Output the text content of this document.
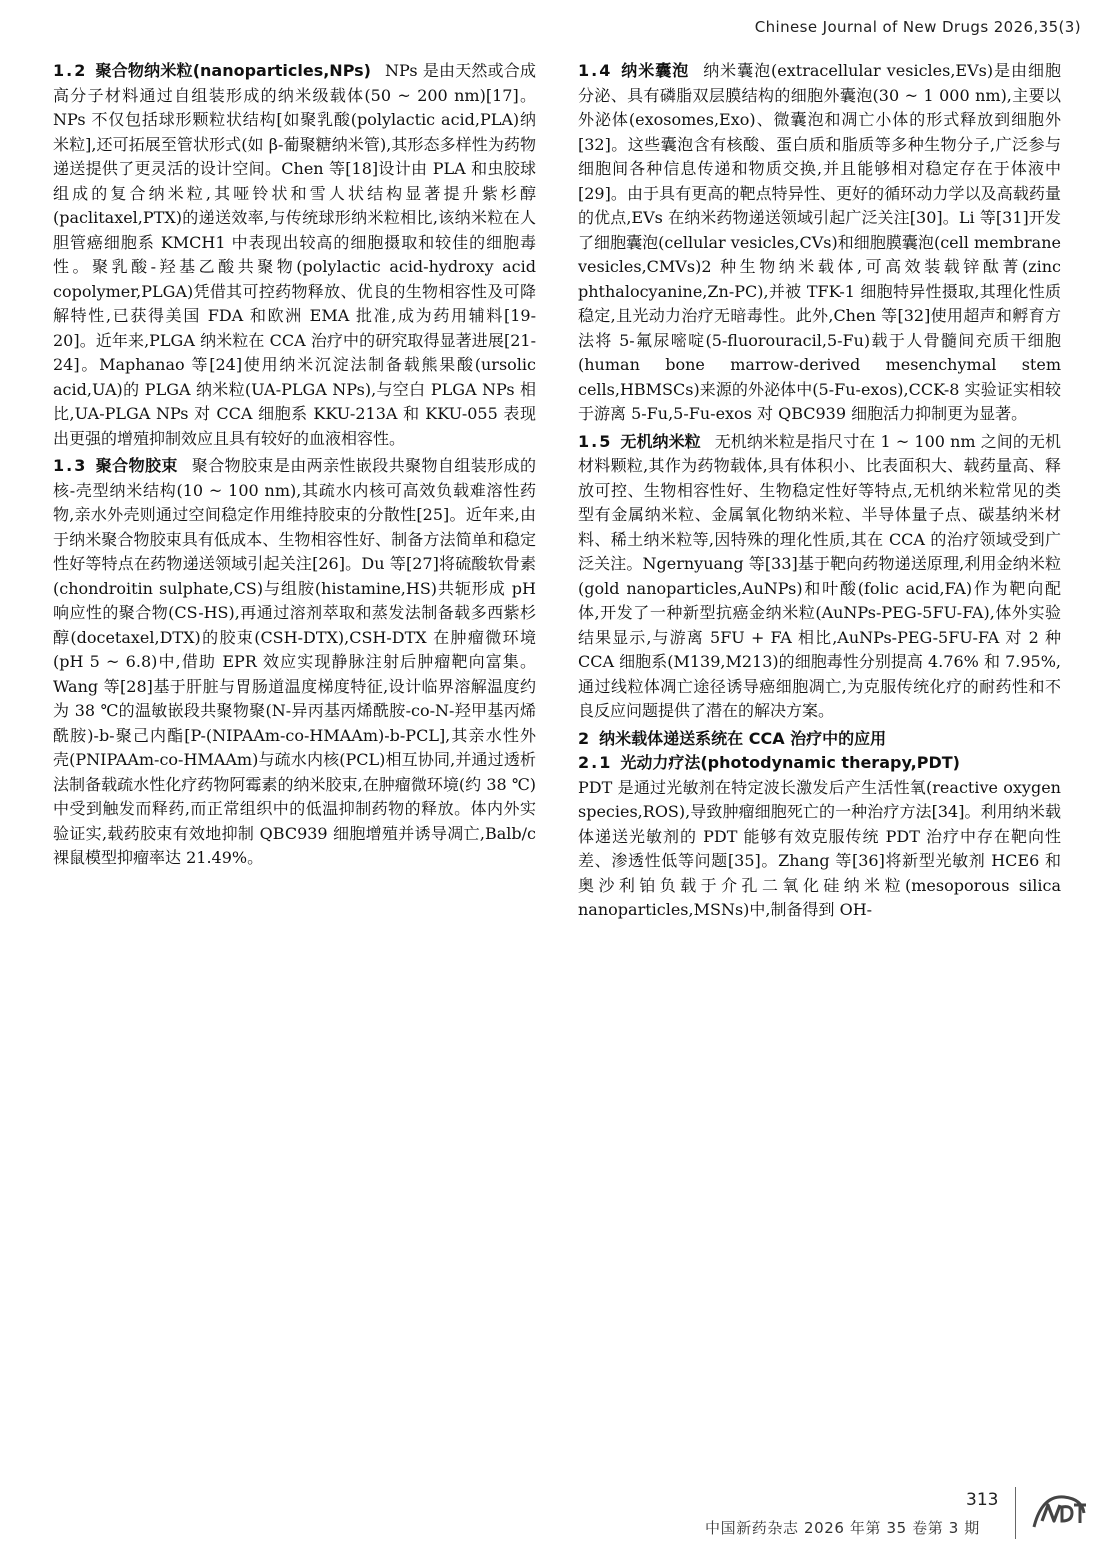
Chinese Journal of New Drugs 2026,35(3)

1.2 聚合物纳米粒(nanoparticles,NPs) NPs 是由天然或合成高分子材料通过自组装形成的纳米级载体(50 ~ 200 nm)[17]。NPs 不仅包括球形颗粒状结构[如聚乳酸(polylactic acid,PLA)纳米粒],还可拓展至管状形式(如 β-葡聚糖纳米管),其形态多样性为药物递送提供了更灵活的设计空间。Chen 等[18]设计由 PLA 和虫胶球组成的复合纳米粒,其哑铃状和雪人状结构显著提升紫杉醇(paclitaxel,PTX)的递送效率,与传统球形纳米粒相比,该纳米粒在人胆管癌细胞系 KMCH1 中表现出较高的细胞摄取和较佳的细胞毒性。聚乳酸-羟基乙酸共聚物(polylactic acid-hydroxy acid copolymer,PLGA)凭借其可控药物释放、优良的生物相容性及可降解特性,已获得美国 FDA 和欧洲 EMA 批准,成为药用辅料[19-20]。近年来,PLGA 纳米粒在 CCA 治疗中的研究取得显著进展[21-24]。Maphanao 等[24]使用纳米沉淀法制备载熊果酸(ursolic acid,UA)的 PLGA 纳米粒(UA-PLGA NPs),与空白 PLGA NPs 相比,UA-PLGA NPs 对 CCA 细胞系 KKU-213A 和 KKU-055 表现出更强的增殖抑制效应且具有较好的血液相容性。

1.3 聚合物胶束 聚合物胶束是由两亲性嵌段共聚物自组装形成的核-壳型纳米结构(10 ~ 100 nm),其疏水内核可高效负载难溶性药物,亲水外壳则通过空间稳定作用维持胶束的分散性[25]。近年来,由于纳米聚合物胶束具有低成本、生物相容性好、制备方法简单和稳定性好等特点在药物递送领域引起关注[26]。Du 等[27]将硫酸软骨素(chondroitin sulphate,CS)与组胺(histamine,HS)共轭形成 pH 响应性的聚合物(CS-HS),再通过溶剂萃取和蒸发法制备载多西紫杉醇(docetaxel,DTX)的胶束(CSH-DTX),CSH-DTX 在肿瘤微环境(pH 5 ~ 6.8)中,借助 EPR 效应实现静脉注射后肿瘤靶向富集。Wang 等[28]基于肝脏与胃肠道温度梯度特征,设计临界溶解温度约为 38 ℃的温敏嵌段共聚物聚(N-异丙基丙烯酰胺-co-N-羟甲基丙烯酰胺)-b-聚己内酯[P-(NIPAAm-co-HMAAm)-b-PCL],其亲水性外壳(PNIPAAm-co-HMAAm)与疏水内核(PCL)相互协同,并通过透析法制备载疏水性化疗药物阿霉素的纳米胶束,在肿瘤微环境(约 38 ℃)中受到触发而释药,而正常组织中的低温抑制药物的释放。体内外实验证实,载药胶束有效地抑制 QBC939 细胞增殖并诱导凋亡,Balb/c 裸鼠模型抑瘤率达 21.49%。

1.4 纳米囊泡 纳米囊泡(extracellular vesicles,EVs)是由细胞分泌、具有磷脂双层膜结构的细胞外囊泡(30 ~ 1 000 nm),主要以外泌体(exosomes,Exo)、微囊泡和凋亡小体的形式释放到细胞外[32]。这些囊泡含有核酸、蛋白质和脂质等多种生物分子,广泛参与细胞间各种信息传递和物质交换,并且能够相对稳定存在于体液中[29]。由于具有更高的靶点特异性、更好的循环动力学以及高载药量的优点,EVs 在纳米药物递送领域引起广泛关注[30]。Li 等[31]开发了细胞囊泡(cellular vesicles,CVs)和细胞膜囊泡(cell membrane vesicles,CMVs)2 种生物纳米载体,可高效装载锌酞菁(zinc phthalocyanine,Zn-PC),并被 TFK-1 细胞特异性摄取,其理化性质稳定,且光动力治疗无暗毒性。此外,Chen 等[32]使用超声和孵育方法将 5-氟尿嘧啶(5-fluorouracil,5-Fu)载于人骨髓间充质干细胞(human bone marrow-derived mesenchymal stem cells,HBMSCs)来源的外泌体中(5-Fu-exos),CCK-8 实验证实相较于游离 5-Fu,5-Fu-exos 对 QBC939 细胞活力抑制更为显著。

1.5 无机纳米粒 无机纳米粒是指尺寸在 1 ~ 100 nm 之间的无机材料颗粒,其作为药物载体,具有体积小、比表面积大、载药量高、释放可控、生物相容性好、生物稳定性好等特点,无机纳米粒常见的类型有金属纳米粒、金属氧化物纳米粒、半导体量子点、碳基纳米材料、稀土纳米粒等,因特殊的理化性质,其在 CCA 的治疗领域受到广泛关注。Ngernyuang 等[33]基于靶向药物递送原理,利用金纳米粒(gold nanoparticles,AuNPs)和叶酸(folic acid,FA)作为靶向配体,开发了一种新型抗癌金纳米粒(AuNPs-PEG-5FU-FA),体外实验结果显示,与游离 5FU + FA 相比,AuNPs-PEG-5FU-FA 对 2 种 CCA 细胞系(M139,M213)的细胞毒性分别提高 4.76% 和 7.95%,通过线粒体凋亡途径诱导癌细胞凋亡,为克服传统化疗的耐药性和不良反应问题提供了潜在的解决方案。

2 纳米载体递送系统在 CCA 治疗中的应用

2.1 光动力疗法(photodynamic therapy,PDT)

PDT 是通过光敏剂在特定波长激发后产生活性氧(reactive oxygen species,ROS),导致肿瘤细胞死亡的一种治疗方法[34]。利用纳米载体递送光敏剂的 PDT 能够有效克服传统 PDT 治疗中存在靶向性差、渗透性低等问题[35]。Zhang 等[36]将新型光敏剂 HCE6 和奥沙利铂负载于介孔二氧化硅纳米粒(mesoporous silica nanoparticles,MSNs)中,制备得到 OH-

313
中国新药杂志 2026 年第 35 卷第 3 期
